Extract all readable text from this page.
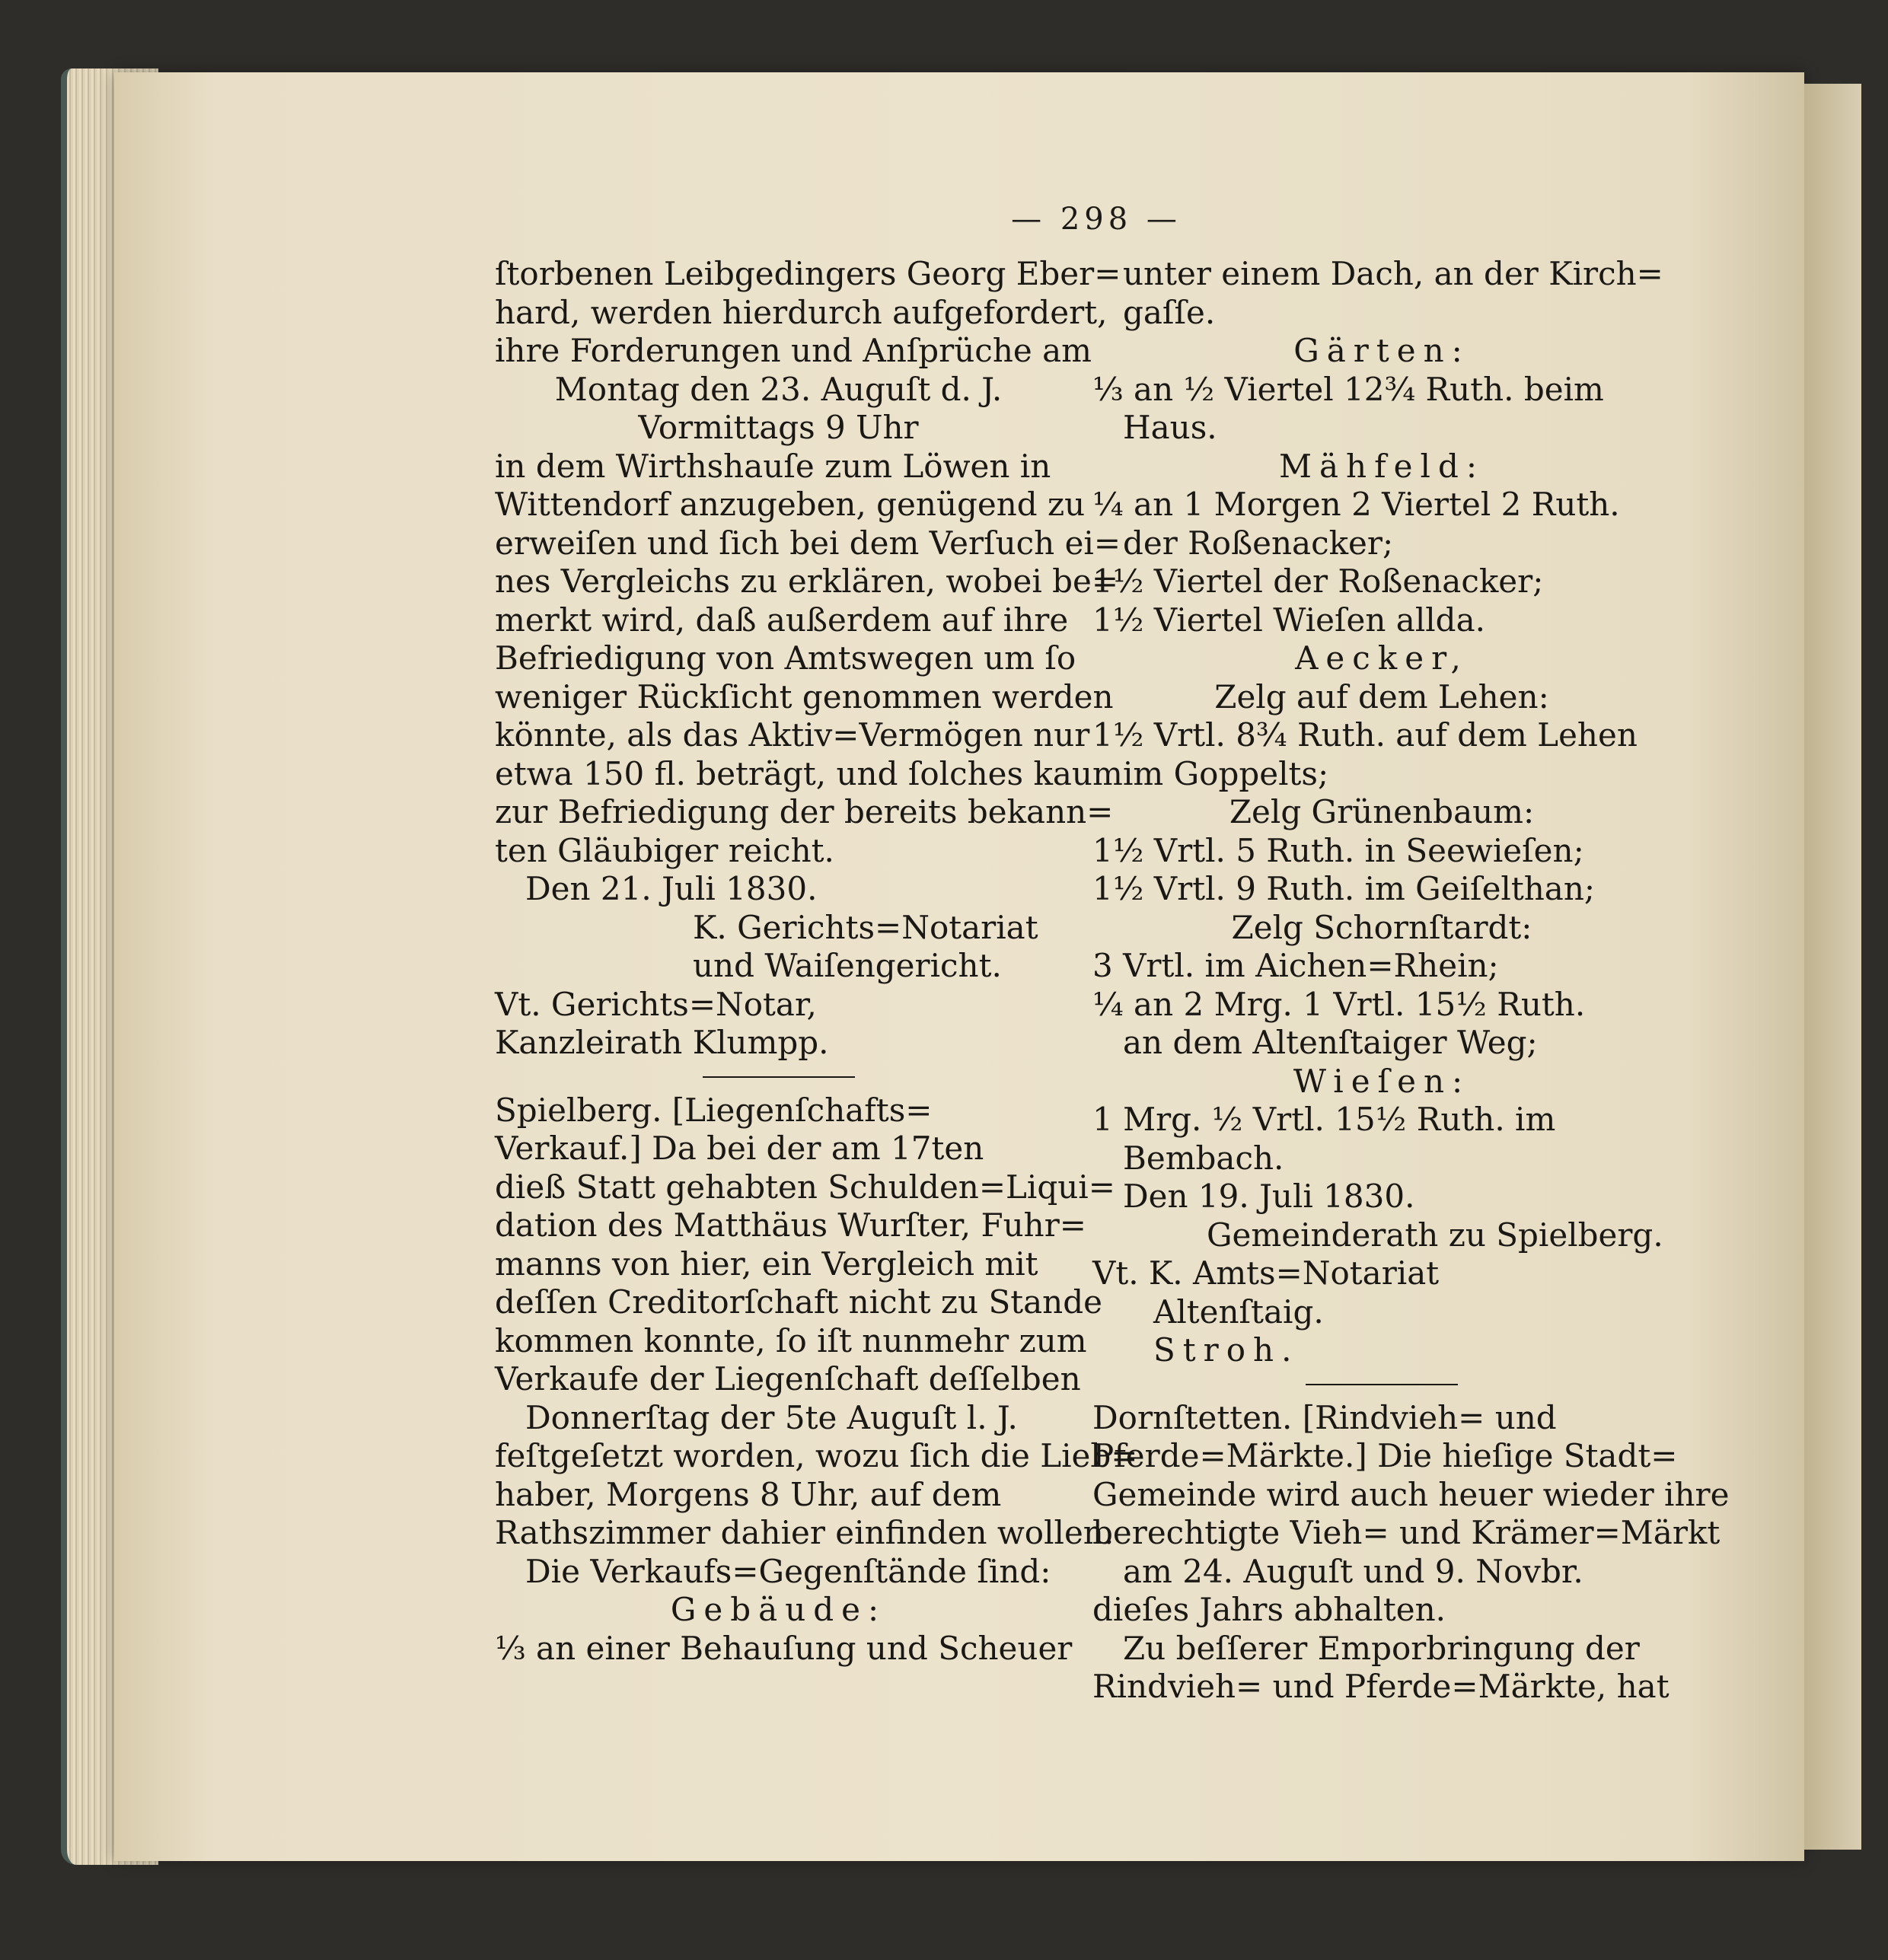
— 298 —
ſtorbenen Leibgedingers Georg Eber=
hard, werden hierdurch aufgefordert,
ihre Forderungen und Anſprüche am
Montag den 23. Auguſt d. J.
Vormittags 9 Uhr
in dem Wirthshauſe zum Löwen in
Wittendorf anzugeben, genügend zu
erweiſen und ſich bei dem Verſuch ei=
nes Vergleichs zu erklären, wobei be=
merkt wird, daß außerdem auf ihre
Befriedigung von Amtswegen um ſo
weniger Rückſicht genommen werden
könnte, als das Aktiv=Vermögen nur
etwa 150 fl. beträgt, und ſolches kaum
zur Befriedigung der bereits bekann=
ten Gläubiger reicht.
Den 21. Juli 1830.
K. Gerichts=Notariat
und Waiſengericht.
Vt. Gerichts=Notar,
Kanzleirath Klumpp.
Spielberg. [Liegenſchafts=
Verkauf.] Da bei der am 17ten
dieß Statt gehabten Schulden=Liqui=
dation des Matthäus Wurſter, Fuhr=
manns von hier, ein Vergleich mit
deſſen Creditorſchaft nicht zu Stande
kommen konnte, ſo iſt nunmehr zum
Verkaufe der Liegenſchaft deſſelben
Donnerſtag der 5te Auguſt l. J.
feſtgeſetzt worden, wozu ſich die Lieb=
haber, Morgens 8 Uhr, auf dem
Rathszimmer dahier einfinden wollen.
Die Verkaufs=Gegenſtände ſind:
Gebäude:
⅓ an einer Behauſung und Scheuer
unter einem Dach, an der Kirch=
gaſſe.
Gärten:
⅓ an ½ Viertel 12¾ Ruth. beim
Haus.
Mähfeld:
¼ an 1 Morgen 2 Viertel 2 Ruth.
der Roßenacker;
1½ Viertel der Roßenacker;
1½ Viertel Wieſen allda.
Aecker,
Zelg auf dem Lehen:
1½ Vrtl. 8¾ Ruth. auf dem Lehen
im Goppelts;
Zelg Grünenbaum:
1½ Vrtl. 5 Ruth. in Seewieſen;
1½ Vrtl. 9 Ruth. im Geiſelthan;
Zelg Schornſtardt:
3 Vrtl. im Aichen=Rhein;
¼ an 2 Mrg. 1 Vrtl. 15½ Ruth.
an dem Altenſtaiger Weg;
Wieſen:
1 Mrg. ½ Vrtl. 15½ Ruth. im
Bembach.
Den 19. Juli 1830.
Gemeinderath zu Spielberg.
Vt. K. Amts=Notariat
Altenſtaig.
Stroh.
Dornſtetten. [Rindvieh= und
Pferde=Märkte.] Die hieſige Stadt=
Gemeinde wird auch heuer wieder ihre
berechtigte Vieh= und Krämer=Märkt
am 24. Auguſt und 9. Novbr.
dieſes Jahrs abhalten.
Zu beſſerer Emporbringung der
Rindvieh= und Pferde=Märkte, hat
